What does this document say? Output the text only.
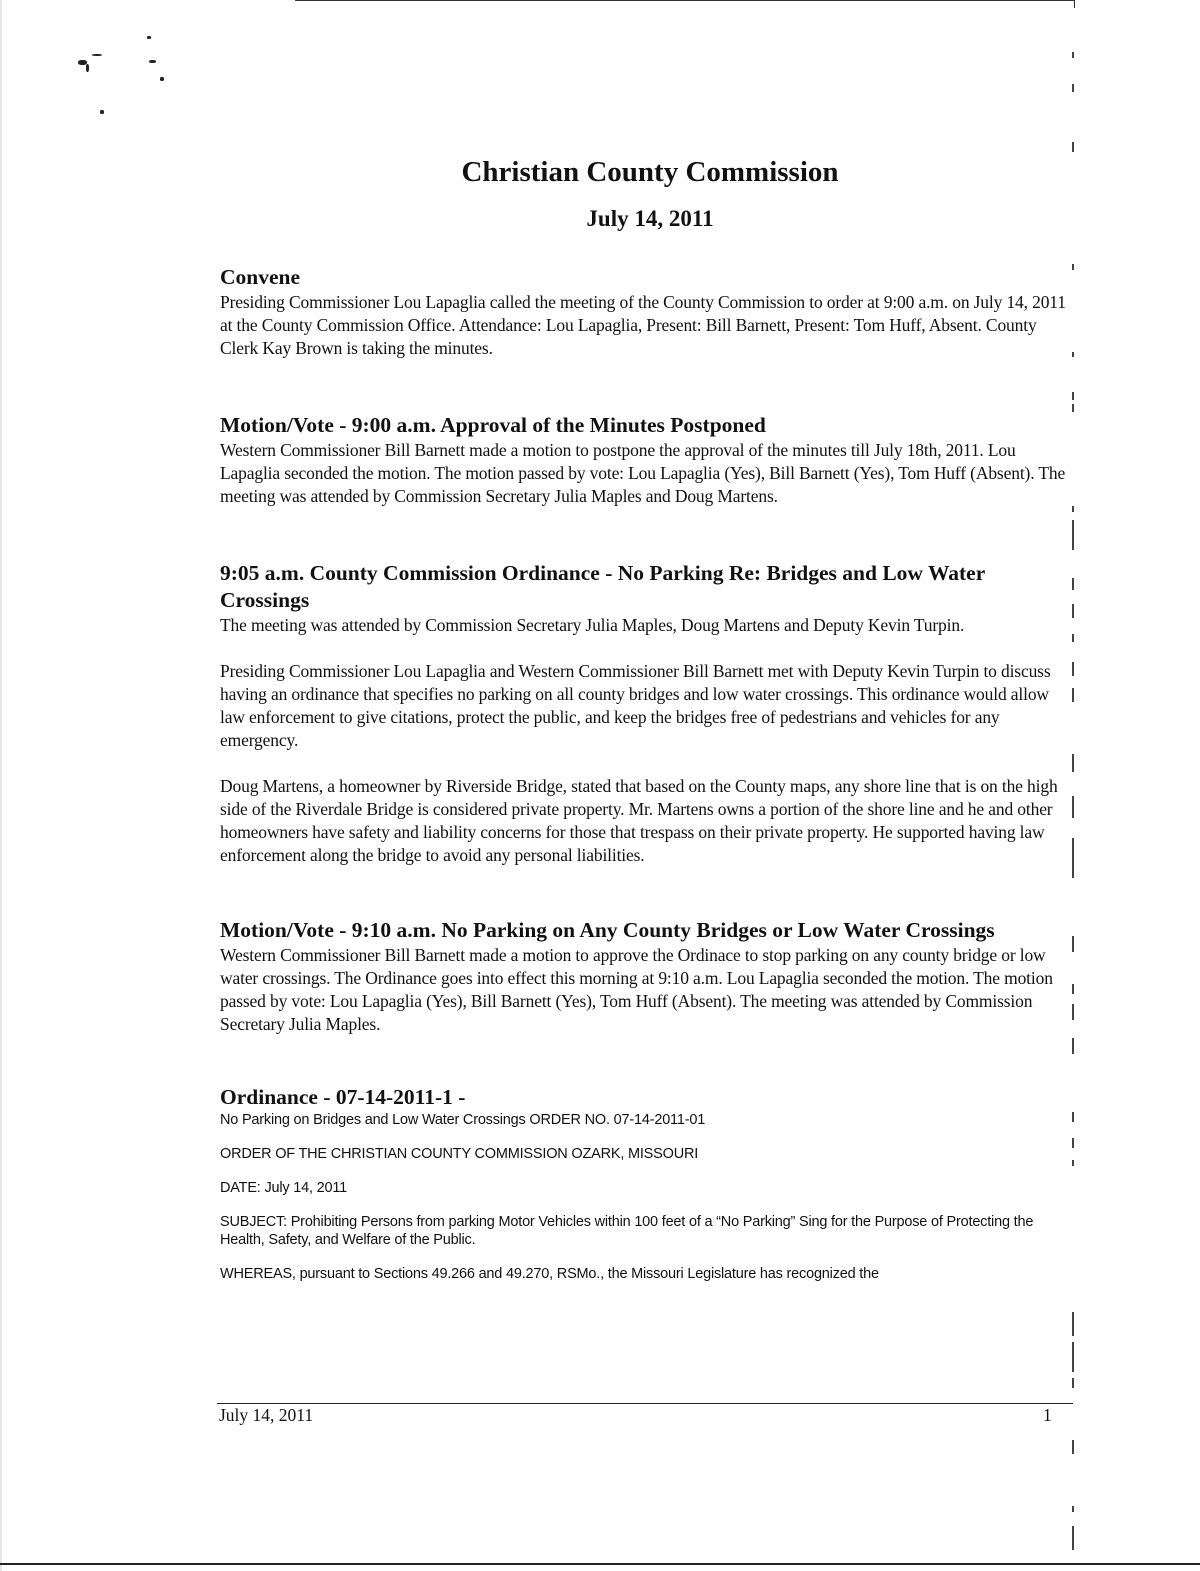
Christian County Commission
July 14, 2011
Convene

Presiding Commissioner Lou Lapaglia called the meeting of the County Commission to order at 9:00 a.m. on July 14, 2011 at the County Commission Office. Attendance: Lou Lapaglia, Present: Bill Barnett, Present: Tom Huff, Absent. County Clerk Kay Brown is taking the minutes.

Motion/Vote - 9:00 a.m. Approval of the Minutes Postponed

Western Commissioner Bill Barnett made a motion to postpone the approval of the minutes till July 18th, 2011. Lou Lapaglia seconded the motion. The motion passed by vote: Lou Lapaglia (Yes), Bill Barnett (Yes), Tom Huff (Absent). The meeting was attended by Commission Secretary Julia Maples and Doug Martens.

9:05 a.m. County Commission Ordinance - No Parking Re: Bridges and Low Water Crossings

The meeting was attended by Commission Secretary Julia Maples, Doug Martens and Deputy Kevin Turpin.

Presiding Commissioner Lou Lapaglia and Western Commissioner Bill Barnett met with Deputy Kevin Turpin to discuss having an ordinance that specifies no parking on all county bridges and low water crossings. This ordinance would allow law enforcement to give citations, protect the public, and keep the bridges free of pedestrians and vehicles for any emergency.

Doug Martens, a homeowner by Riverside Bridge, stated that based on the County maps, any shore line that is on the high side of the Riverdale Bridge is considered private property. Mr. Martens owns a portion of the shore line and he and other homeowners have safety and liability concerns for those that trespass on their private property. He supported having law enforcement along the bridge to avoid any personal liabilities.

Motion/Vote - 9:10 a.m. No Parking on Any County Bridges or Low Water Crossings

Western Commissioner Bill Barnett made a motion to approve the Ordinace to stop parking on any county bridge or low water crossings. The Ordinance goes into effect this morning at 9:10 a.m. Lou Lapaglia seconded the motion. The motion passed by vote: Lou Lapaglia (Yes), Bill Barnett (Yes), Tom Huff (Absent). The meeting was attended by Commission Secretary Julia Maples.

Ordinance - 07-14-2011-1 -

No Parking on Bridges and Low Water Crossings ORDER NO. 07-14-2011-01

ORDER OF THE CHRISTIAN COUNTY COMMISSION OZARK, MISSOURI

DATE: July 14, 2011

SUBJECT: Prohibiting Persons from parking Motor Vehicles within 100 feet of a “No Parking” Sing for the Purpose of Protecting the Health, Safety, and Welfare of the Public.

WHEREAS, pursuant to Sections 49.266 and 49.270, RSMo., the Missouri Legislature has recognized the

July 14, 2011	1
